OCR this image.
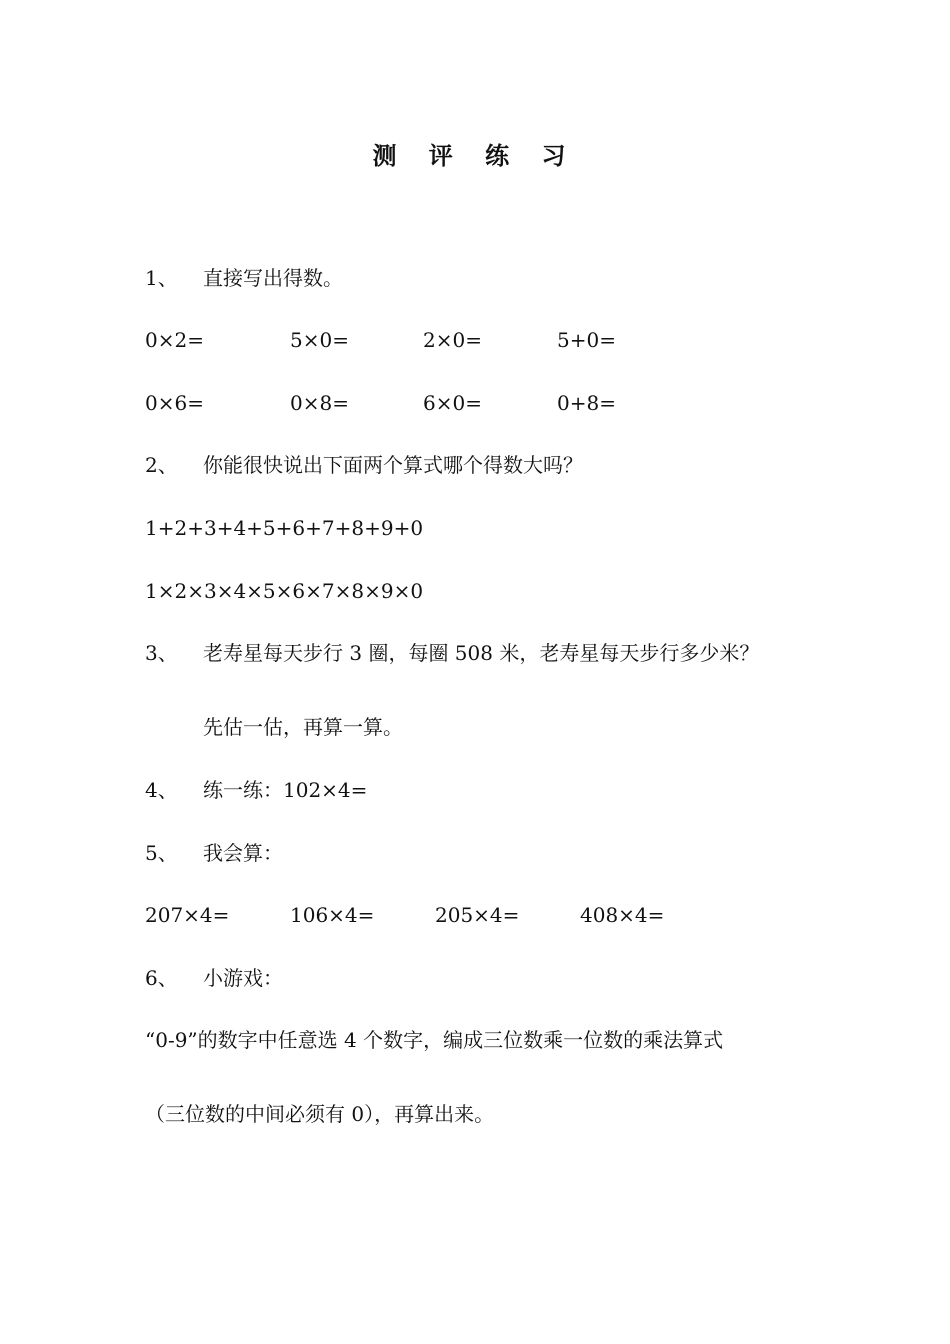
测 评 练 习
1、 直接写出得数。
0×2=	5×0=	2×0=	5+0=
0×6=	0×8=	6×0=	0+8=
2、 你能很快说出下面两个算式哪个得数大吗？
1+2+3+4+5+6+7+8+9+0
1×2×3×4×5×6×7×8×9×0
3、 老寿星每天步行 3 圈，每圈 508 米，老寿星每天步行多少米？
先估一估，再算一算。
4、 练一练：102×4=
5、 我会算：
207×4=	106×4=	205×4=	408×4=
6、 小游戏：
“0-9”的数字中任意选 4 个数字，编成三位数乘一位数的乘法算式
（三位数的中间必须有 0），再算出来。
